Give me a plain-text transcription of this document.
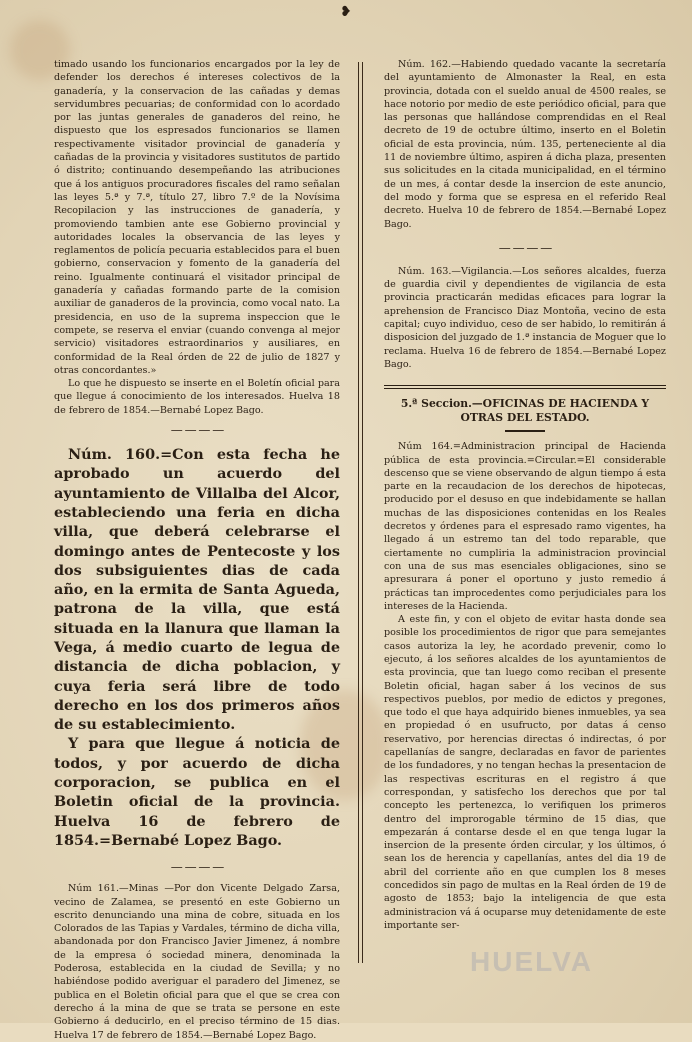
❥

timado usando los funcionarios encargados por la ley de defender los derechos é intereses colectivos de la ganadería, y la conservacion de las cañadas y demas servidumbres pecuarias; de conformidad con lo acordado por las juntas generales de ganaderos del reino, he dispuesto que los espresados funcionarios se llamen respectivamente visitador provincial de ganadería y cañadas de la provincia y visitadores sustitutos de partido ó distrito; continuando desempeñando las atribuciones que á los antiguos procuradores fiscales del ramo señalan las leyes 5.ª y 7.ª, título 27, libro 7.º de la Novísima Recopilacion y las instrucciones de ganadería, y promoviendo tambien ante ese Gobierno provincial y autoridades locales la observancia de las leyes y reglamentos de policía pecuaria establecidos para el buen gobierno, conservacion y fomento de la ganadería del reino. Igualmente continuará el visitador principal de ganadería y cañadas formando parte de la comision auxiliar de ganaderos de la provincia, como vocal nato. La presidencia, en uso de la suprema inspeccion que le compete, se reserva el enviar (cuando convenga al mejor servicio) visitadores estraordinarios y ausiliares, en conformidad de la Real órden de 22 de julio de 1827 y otras concordantes.»

Lo que he dispuesto se inserte en el Boletín oficial para que llegue á conocimiento de los interesados. Huelva 18 de febrero de 1854.—Bernabé Lopez Bago.

— — — —

Núm. 160.=Con esta fecha he aprobado un acuerdo del ayuntamiento de Villalba del Alcor, estableciendo una feria en dicha villa, que deberá celebrarse el domingo antes de Pentecoste y los dos subsiguientes dias de cada año, en la ermita de Santa Agueda, patrona de la villa, que está situada en la llanura que llaman la Vega, á medio cuarto de legua de distancia de dicha poblacion, y cuya feria será libre de todo derecho en los dos primeros años de su establecimiento.

Y para que llegue á noticia de todos, y por acuerdo de dicha corporacion, se publica en el Boletin oficial de la provincia. Huelva 16 de febrero de 1854.=Bernabé Lopez Bago.

— — — —

Núm 161.—Minas —Por don Vicente Delgado Zarsa, vecino de Zalamea, se presentó en este Gobierno un escrito denunciando una mina de cobre, situada en los Colorados de las Tapias y Vardales, término de dicha villa, abandonada por don Francisco Javier Jimenez, á nombre de la empresa ó sociedad minera, denominada la Poderosa, establecida en la ciudad de Sevilla; y no habiéndose podido averiguar el paradero del Jimenez, se publica en el Boletin oficial para que el que se crea con derecho á la mina de que se trata se persone en este Gobierno á deducirlo, en el preciso término de 15 dias. Huelva 17 de febrero de 1854.—Bernabé Lopez Bago.

Núm. 162.—Habiendo quedado vacante la secretaría del ayuntamiento de Almonaster la Real, en esta provincia, dotada con el sueldo anual de 4500 reales, se hace notorio por medio de este periódico oficial, para que las personas que hallándose comprendidas en el Real decreto de 19 de octubre último, inserto en el Boletin oficial de esta provincia, núm. 135, perteneciente al dia 11 de noviembre último, aspiren á dicha plaza, presenten sus solicitudes en la citada municipalidad, en el término de un mes, á contar desde la insercion de este anuncio, del modo y forma que se espresa en el referido Real decreto. Huelva 10 de febrero de 1854.—Bernabé Lopez Bago.

— — — —

Núm. 163.—Vigilancia.—Los señores alcaldes, fuerza de guardia civil y dependientes de vigilancia de esta provincia practicarán medidas eficaces para lograr la aprehension de Francisco Diaz Montoña, vecino de esta capital; cuyo individuo, ceso de ser habido, lo remitirán á disposicion del juzgado de 1.ª instancia de Moguer que lo reclama. Huelva 16 de febrero de 1854.—Bernabé Lopez Bago.

5.ª Seccion.—OFICINAS DE HACIENDA Y OTRAS DEL ESTADO.

Núm 164.=Administracion principal de Hacienda pública de esta provincia.=Circular.=El considerable descenso que se viene observando de algun tiempo á esta parte en la recaudacion de los derechos de hipotecas, producido por el desuso en que indebidamente se hallan muchas de las disposiciones contenidas en los Reales decretos y órdenes para el espresado ramo vigentes, ha llegado á un estremo tan del todo reparable, que ciertamente no cumpliria la administracion provincial con una de sus mas esenciales obligaciones, sino se apresurara á poner el oportuno y justo remedio á prácticas tan improcedentes como perjudiciales para los intereses de la Hacienda.

A este fin, y con el objeto de evitar hasta donde sea posible los procedimientos de rigor que para semejantes casos autoriza la ley, he acordado prevenir, como lo ejecuto, á los señores alcaldes de los ayuntamientos de esta provincia, que tan luego como reciban el presente Boletin oficial, hagan saber á los vecinos de sus respectivos pueblos, por medio de edictos y pregones, que todo el que haya adquirido bienes inmuebles, ya sea en propiedad ó en usufructo, por datas á censo reservativo, por herencias directas ó indirectas, ó por capellanías de sangre, declaradas en favor de parientes de los fundadores, y no tengan hechas la presentacion de las respectivas escrituras en el registro á que correspondan, y satisfecho los derechos que por tal concepto les pertenezca, lo verifiquen los primeros dentro del improrogable término de 15 dias, que empezarán á contarse desde el en que tenga lugar la insercion de la presente órden circular, y los últimos, ó sean los de herencia y capellanías, antes del dia 19 de abril del corriente año en que cumplen los 8 meses concedidos sin pago de multas en la Real órden de 19 de agosto de 1853; bajo la inteligencia de que esta administracion vá á ocuparse muy detenidamente de este importante ser-

HUELVA
